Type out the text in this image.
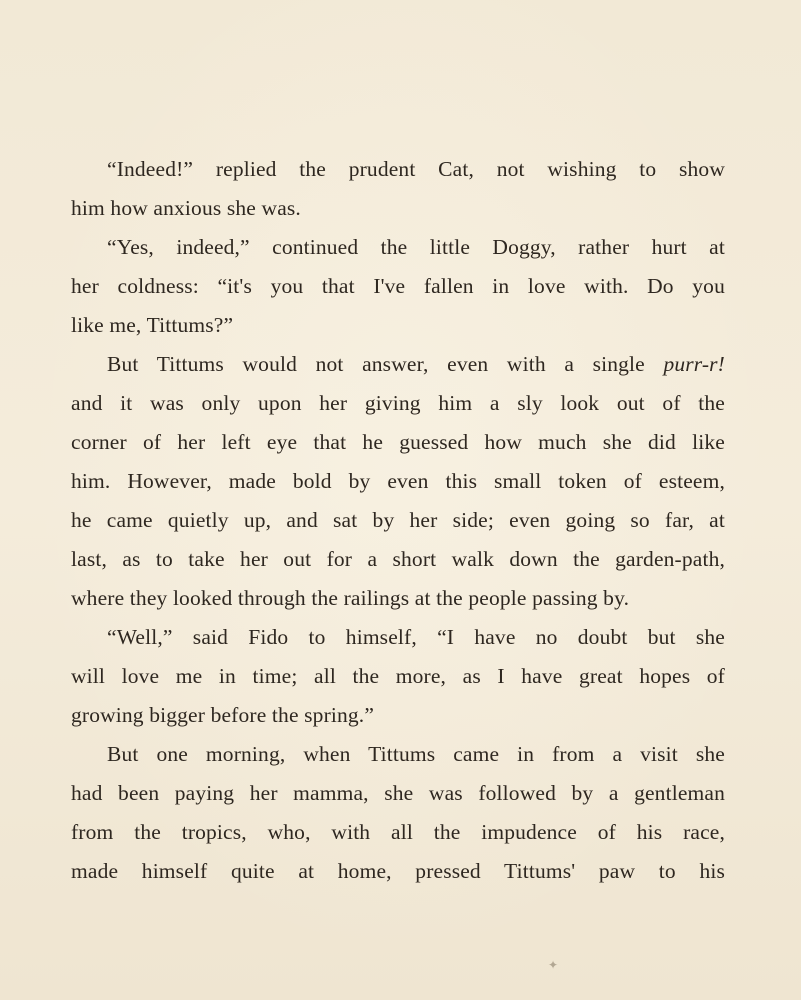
“Indeed!” replied the prudent Cat, not wishing to show
him how anxious she was.
“Yes, indeed,” continued the little Doggy, rather hurt at
her coldness: “it's you that I've fallen in love with. Do you
like me, Tittums?”
But Tittums would not answer, even with a single purr-r!
and it was only upon her giving him a sly look out of the
corner of her left eye that he guessed how much she did like
him. However, made bold by even this small token of esteem,
he came quietly up, and sat by her side; even going so far, at
last, as to take her out for a short walk down the garden-path,
where they looked through the railings at the people passing by.
“Well,” said Fido to himself, “I have no doubt but she
will love me in time; all the more, as I have great hopes of
growing bigger before the spring.”
But one morning, when Tittums came in from a visit she
had been paying her mamma, she was followed by a gentleman
from the tropics, who, with all the impudence of his race,
made himself quite at home, pressed Tittums' paw to his
✦
